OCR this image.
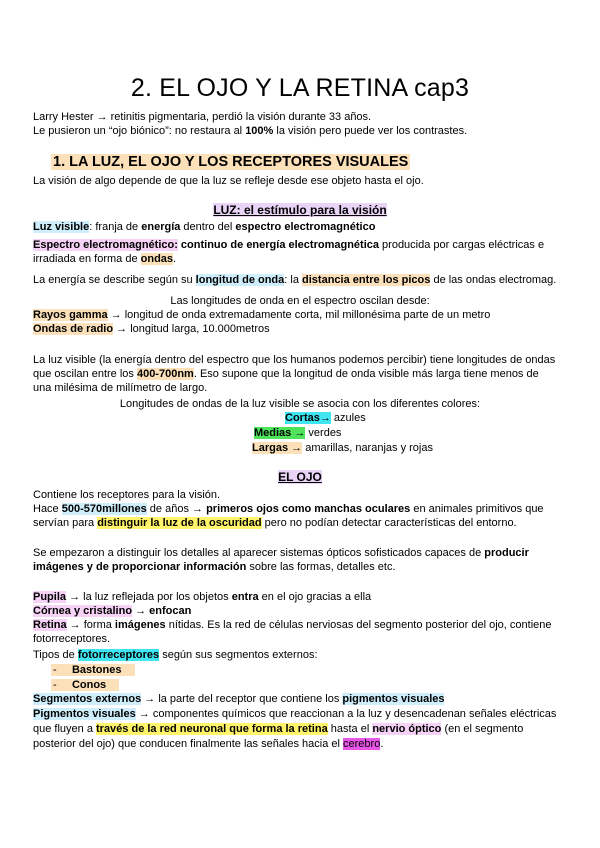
2. EL OJO Y LA RETINA cap3
Larry Hester → retinitis pigmentaria, perdió la visión durante 33 años.
Le pusieron un “ojo biónico”: no restaura al 100% la visión pero puede ver los contrastes.
1. LA LUZ, EL OJO Y LOS RECEPTORES VISUALES
La visión de algo depende de que la luz se refleje desde ese objeto hasta el ojo.
LUZ: el estímulo para la visión
Luz visible: franja de energía dentro del espectro electromagnético
Espectro electromagnético: continuo de energía electromagnética producida por cargas eléctricas e
irradiada en forma de ondas.
La energía se describe según su longitud de onda: la distancia entre los picos de las ondas electromag.
Las longitudes de onda en el espectro oscilan desde:
Rayos gamma → longitud de onda extremadamente corta, mil millonésima parte de un metro
Ondas de radio → longitud larga, 10.000metros
La luz visible (la energía dentro del espectro que los humanos podemos percibir) tiene longitudes de ondas
que oscilan entre los 400-700nm. Eso supone que la longitud de onda visible más larga tiene menos de
una milésima de milímetro de largo.
Longitudes de ondas de la luz visible se asocia con los diferentes colores:
Cortas→ azules
Medias → verdes
Largas → amarillas, naranjas y rojas
EL OJO
Contiene los receptores para la visión.
Hace 500-570millones de años → primeros ojos como manchas oculares en animales primitivos que
servían para distinguir la luz de la oscuridad pero no podían detectar características del entorno.
Se empezaron a distinguir los detalles al aparecer sistemas ópticos sofisticados capaces de producir
imágenes y de proporcionar información sobre las formas, detalles etc.
Pupila → la luz reflejada por los objetos entra en el ojo gracias a ella
Córnea y cristalino → enfocan
Retina → forma imágenes nítidas. Es la red de células nerviosas del segmento posterior del ojo, contiene
fotorreceptores.
Tipos de fotorreceptores según sus segmentos externos:
- Bastones
- Conos
Segmentos externos → la parte del receptor que contiene los pigmentos visuales
Pigmentos visuales → componentes químicos que reaccionan a la luz y desencadenan señales eléctricas
que fluyen a través de la red neuronal que forma la retina hasta el nervio óptico (en el segmento
posterior del ojo) que conducen finalmente las señales hacia el cerebro.
